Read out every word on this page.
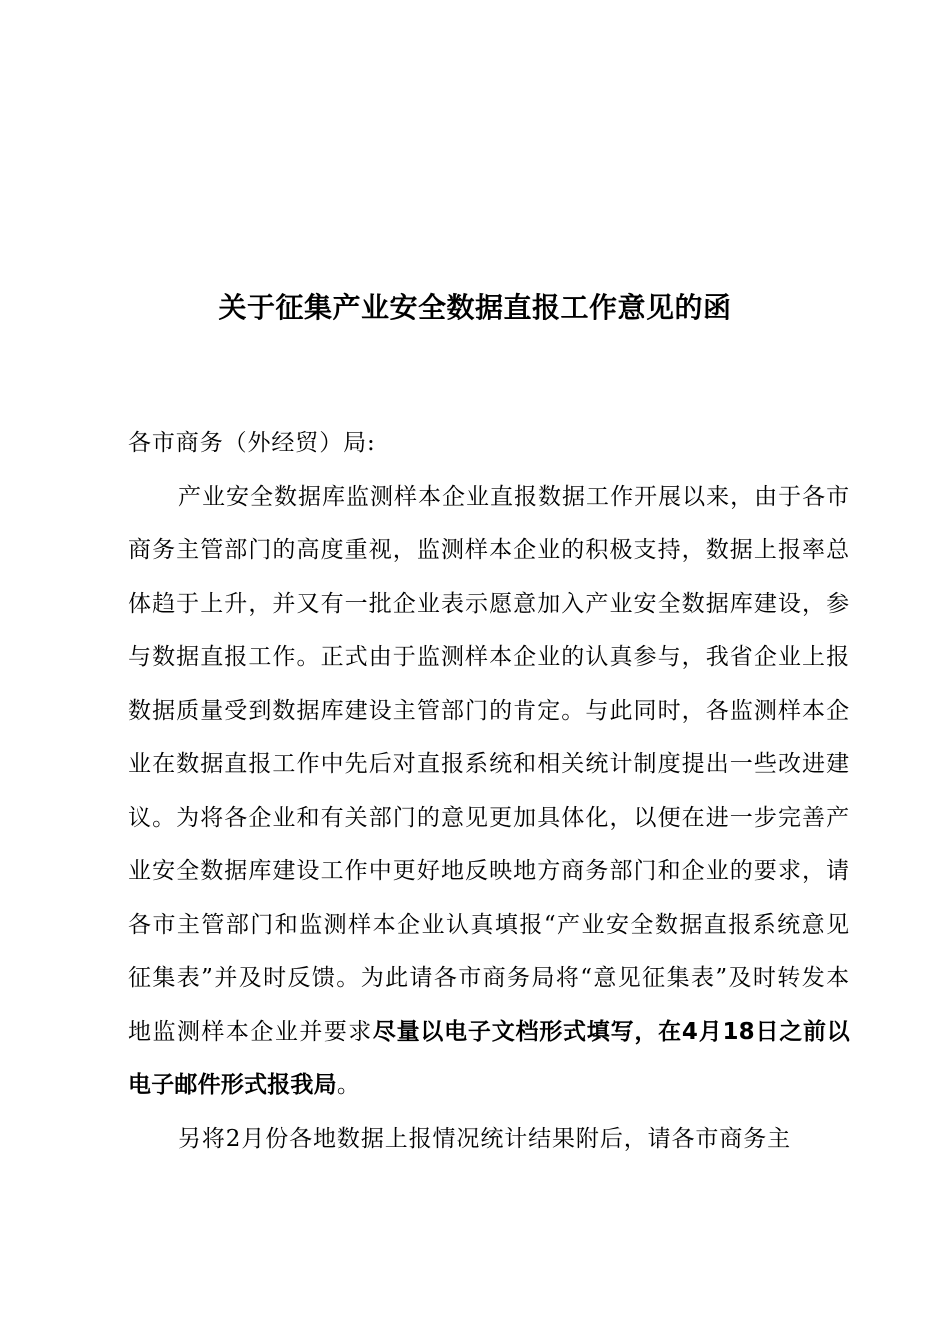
关于征集产业安全数据直报工作意见的函

各市商务（外经贸）局:

产业安全数据库监测样本企业直报数据工作开展以来，由于各市商务主管部门的高度重视，监测样本企业的积极支持，数据上报率总体趋于上升，并又有一批企业表示愿意加入产业安全数据库建设，参与数据直报工作。正式由于监测样本企业的认真参与，我省企业上报数据质量受到数据库建设主管部门的肯定。与此同时，各监测样本企业在数据直报工作中先后对直报系统和相关统计制度提出一些改进建议。为将各企业和有关部门的意见更加具体化，以便在进一步完善产业安全数据库建设工作中更好地反映地方商务部门和企业的要求，请各市主管部门和监测样本企业认真填报“产业安全数据直报系统意见征集表”并及时反馈。为此请各市商务局将“意见征集表”及时转发本地监测样本企业并要求尽量以电子文档形式填写，在4月18日之前以电子邮件形式报我局。

另将2月份各地数据上报情况统计结果附后，请各市商务主
